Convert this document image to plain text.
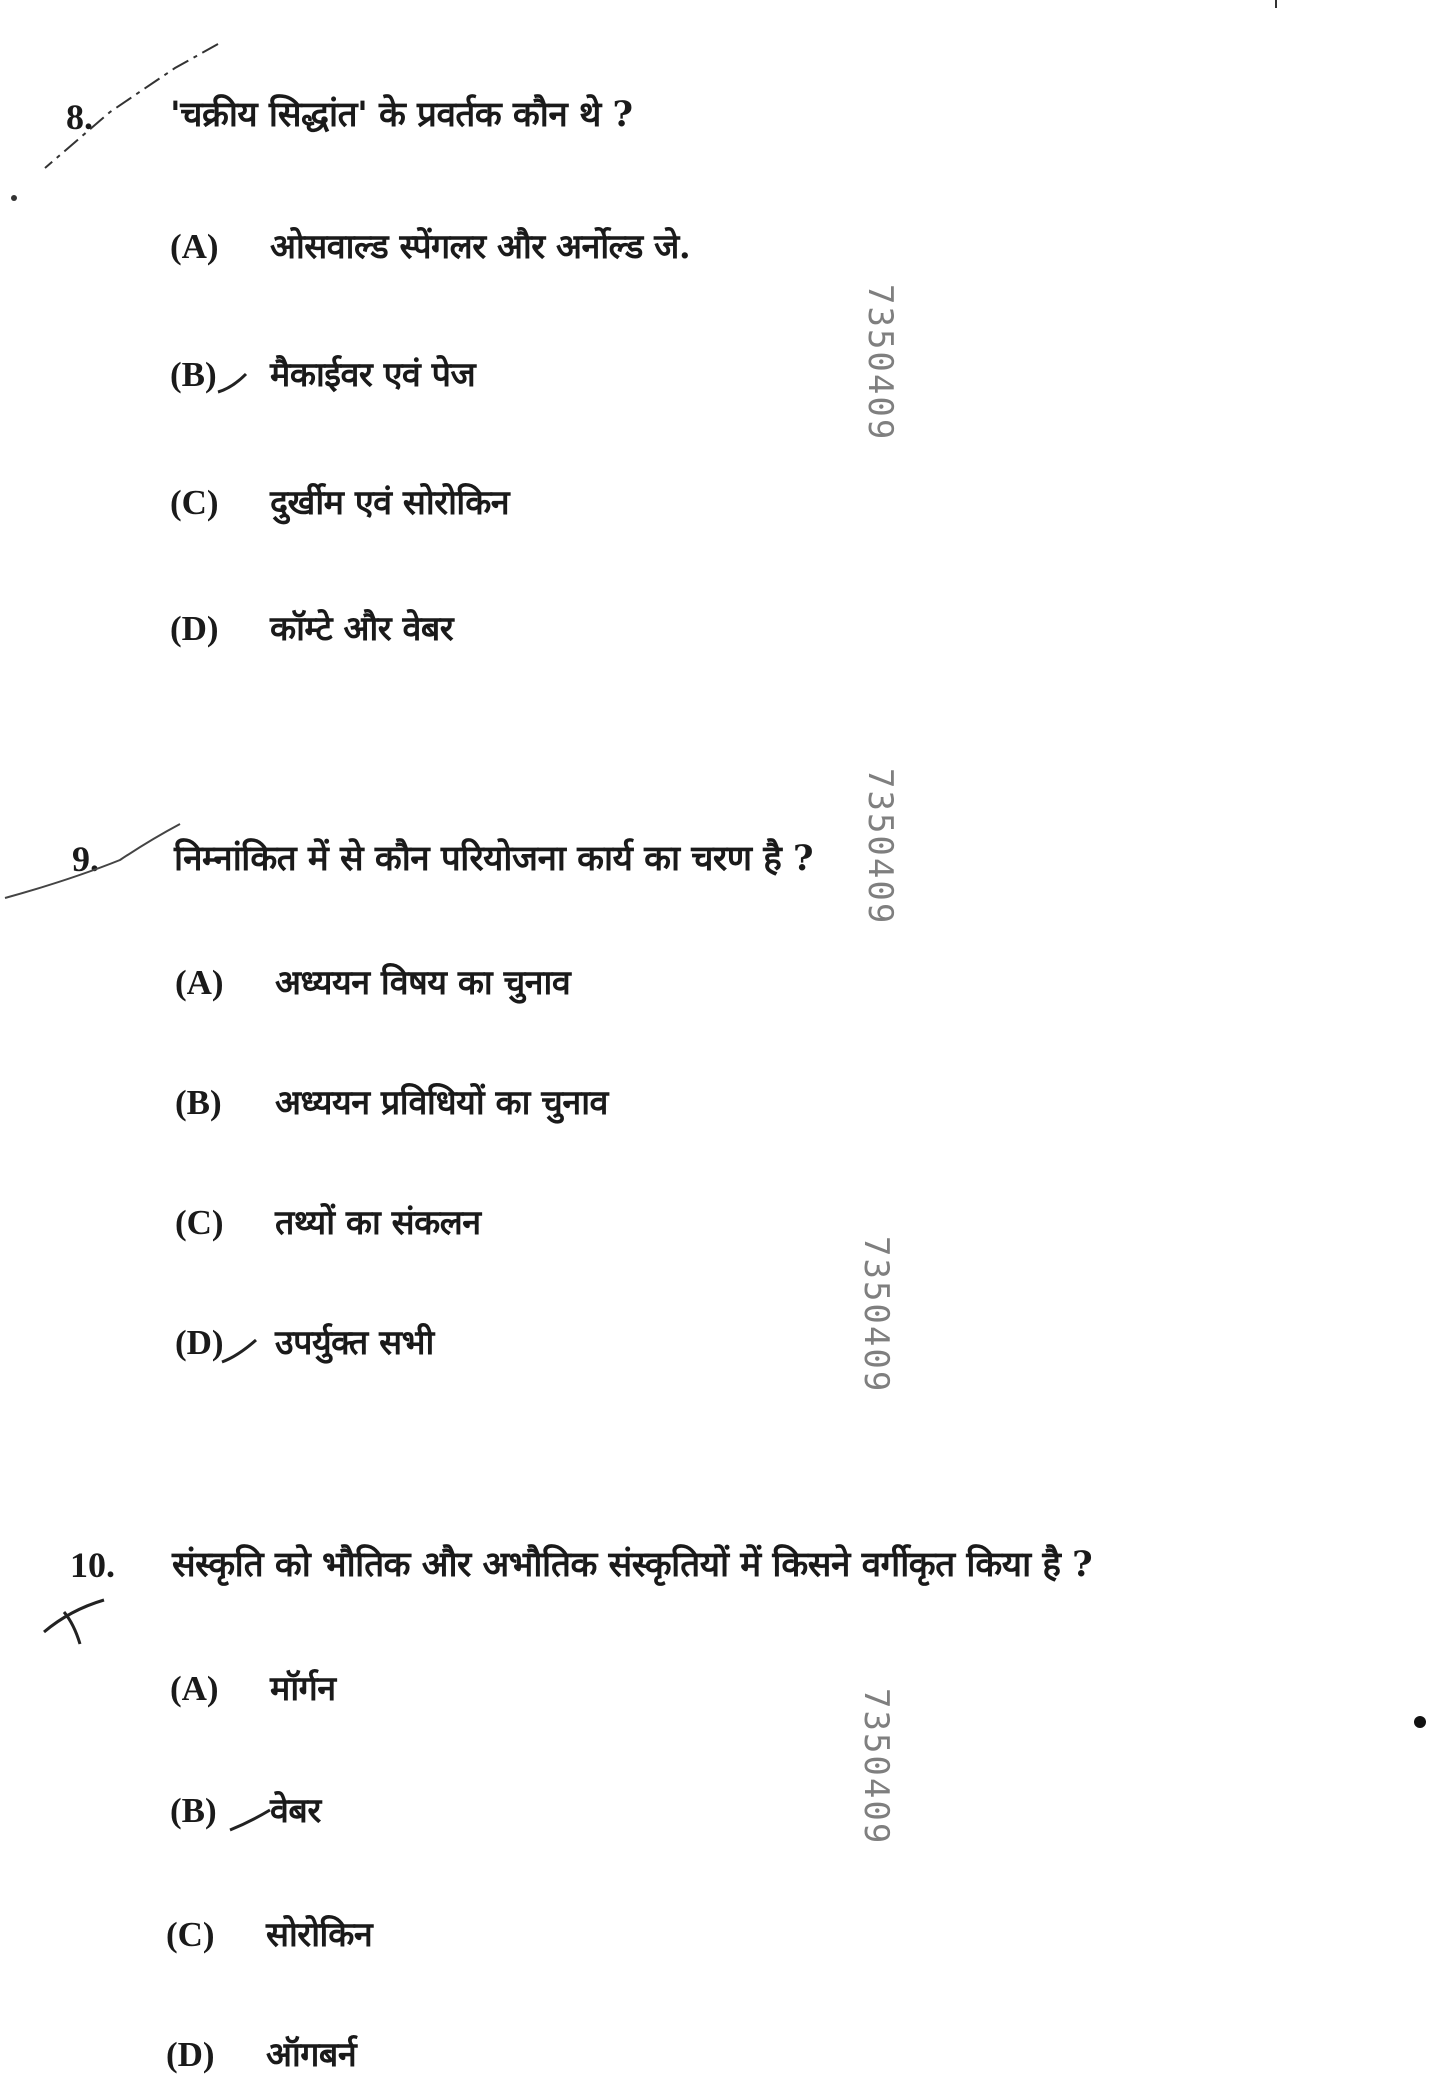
8. 'चक्रीय सिद्धांत' के प्रवर्तक कौन थे ?
(A) ओसवाल्ड स्पेंगलर और अर्नोल्ड जे.
(B) मैकाईवर एवं पेज
(C) दुर्खीम एवं सोरोकिन
(D) कॉम्टे और वेबर
9. निम्नांकित में से कौन परियोजना कार्य का चरण है ?
(A) अध्ययन विषय का चुनाव
(B) अध्ययन प्रविधियों का चुनाव
(C) तथ्यों का संकलन
(D) उपर्युक्त सभी
10. संस्कृति को भौतिक और अभौतिक संस्कृतियों में किसने वर्गीकृत किया है ?
(A) मॉर्गन
(B) वेबर
(C) सोरोकिन
(D) ऑगबर्न
7350409
7350409
7350409
7350409
